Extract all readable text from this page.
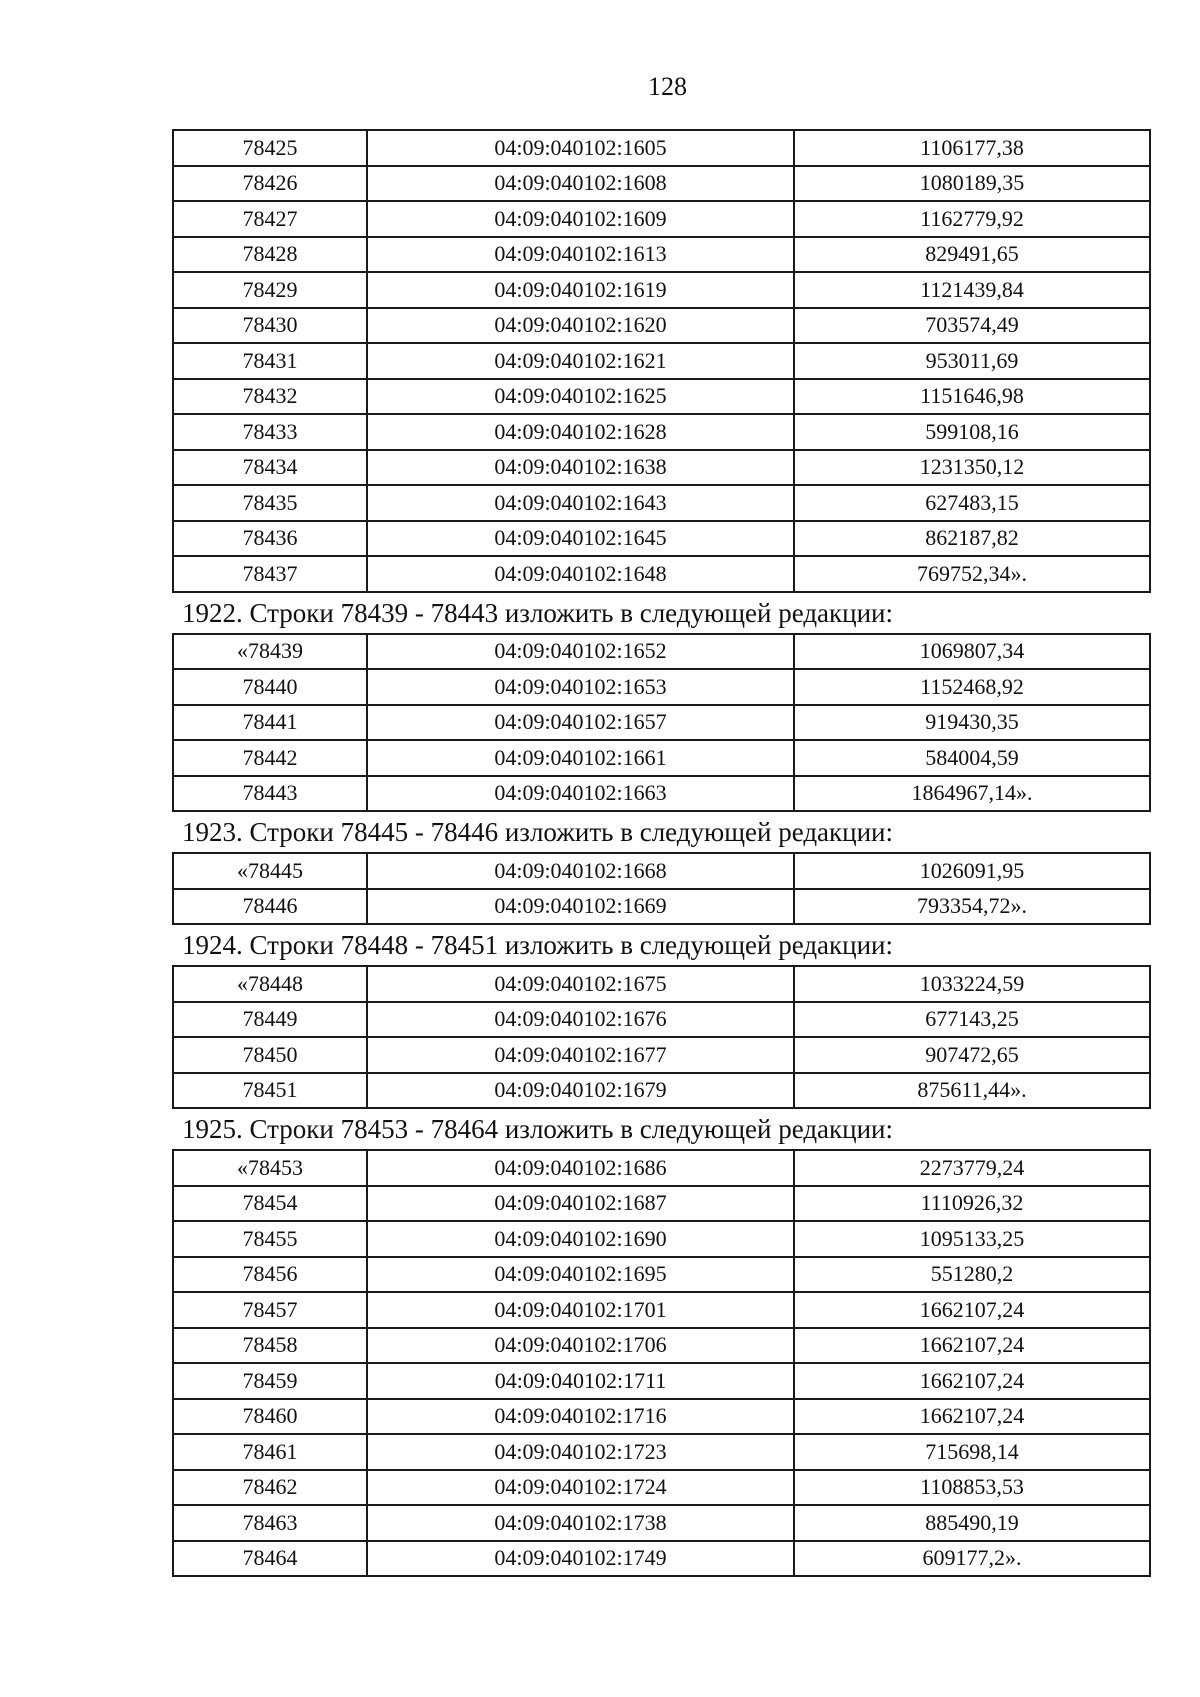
128
78425	04:09:040102:1605	1106177,38
78426	04:09:040102:1608	1080189,35
78427	04:09:040102:1609	1162779,92
78428	04:09:040102:1613	829491,65
78429	04:09:040102:1619	1121439,84
78430	04:09:040102:1620	703574,49
78431	04:09:040102:1621	953011,69
78432	04:09:040102:1625	1151646,98
78433	04:09:040102:1628	599108,16
78434	04:09:040102:1638	1231350,12
78435	04:09:040102:1643	627483,15
78436	04:09:040102:1645	862187,82
78437	04:09:040102:1648	769752,34».
1922. Строки 78439 - 78443 изложить в следующей редакции:
«78439	04:09:040102:1652	1069807,34
78440	04:09:040102:1653	1152468,92
78441	04:09:040102:1657	919430,35
78442	04:09:040102:1661	584004,59
78443	04:09:040102:1663	1864967,14».
1923. Строки 78445 - 78446 изложить в следующей редакции:
«78445	04:09:040102:1668	1026091,95
78446	04:09:040102:1669	793354,72».
1924. Строки 78448 - 78451 изложить в следующей редакции:
«78448	04:09:040102:1675	1033224,59
78449	04:09:040102:1676	677143,25
78450	04:09:040102:1677	907472,65
78451	04:09:040102:1679	875611,44».
1925. Строки 78453 - 78464 изложить в следующей редакции:
«78453	04:09:040102:1686	2273779,24
78454	04:09:040102:1687	1110926,32
78455	04:09:040102:1690	1095133,25
78456	04:09:040102:1695	551280,2
78457	04:09:040102:1701	1662107,24
78458	04:09:040102:1706	1662107,24
78459	04:09:040102:1711	1662107,24
78460	04:09:040102:1716	1662107,24
78461	04:09:040102:1723	715698,14
78462	04:09:040102:1724	1108853,53
78463	04:09:040102:1738	885490,19
78464	04:09:040102:1749	609177,2».
